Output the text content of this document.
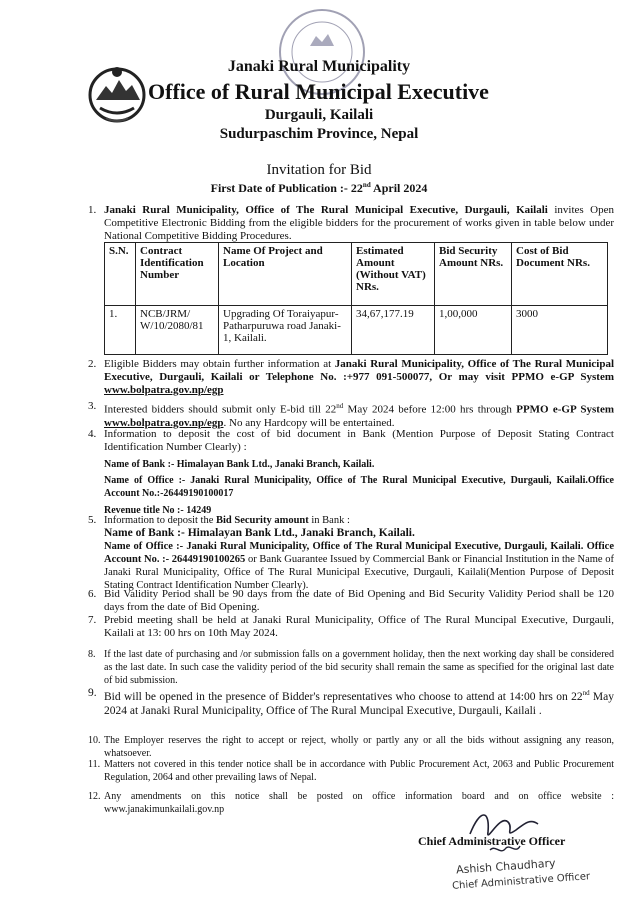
Janaki Rural Municipality
Office of Rural Municipal Executive
Durgauli, Kailali
Sudurpaschim Province, Nepal
Invitation for Bid
First Date of Publication :- 22nd April 2024
1. Janaki Rural Municipality, Office of The Rural Municipal Executive, Durgauli, Kailali invites Open Competitive Electronic Bidding from the eligible bidders for the procurement of works given in table below under National Competitive Bidding Procedures.
S.N.	Contract Identification Number	Name Of Project and Location	Estimated Amount (Without VAT) NRs.	Bid Security Amount NRs.	Cost of Bid Document NRs.
1.	NCB/JRM/ W/10/2080/81	Upgrading Of Toraiyapur-Patharpuruwa road Janaki-1, Kailali.	34,67,177.19	1,00,000	3000
2. Eligible Bidders may obtain further information at Janaki Rural Municipality, Office of The Rural Municipal Executive, Durgauli, Kailali or Telephone No. :+977 091-500077, Or may visit PPMO e-GP System www.bolpatra.gov.np/egp
3. Interested bidders should submit only E-bid till 22nd May 2024 before 12:00 hrs through PPMO e-GP System www.bolpatra.gov.np/egp. No any Hardcopy will be entertained.
4. Information to deposit the cost of bid document in Bank (Mention Purpose of Deposit Stating Contract Identification Number Clearly) :
Name of Bank :- Himalayan Bank Ltd., Janaki Branch, Kailali.
Name of Office :- Janaki Rural Municipality, Office of The Rural Municipal Executive, Durgauli, Kailali.Office Account No.:-26449190100017
Revenue title No :- 14249
5. Information to deposit the Bid Security amount in Bank :
Name of Bank :- Himalayan Bank Ltd., Janaki Branch, Kailali.
Name of Office :- Janaki Rural Municipality, Office of The Rural Municipal Executive, Durgauli, Kailali. Office Account No. :- 26449190100265 or Bank Guarantee Issued by Commercial Bank or Financial Institution in the Name of Janaki Rural Municipality, Office of The Rural Municipal Executive, Durgauli, Kailali(Mention Purpose of Deposit Stating Contract Identification Number Clearly).
6. Bid Validity Period shall be 90 days from the date of Bid Opening and Bid Security Validity Period shall be 120 days from the date of Bid Opening.
7. Prebid meeting shall be held at Janaki Rural Municipality, Office of The Rural Muncipal Executive, Durgauli, Kailali at 13: 00 hrs on 10th May 2024.
8. If the last date of purchasing and /or submission falls on a government holiday, then the next working day shall be considered as the last date. In such case the validity period of the bid security shall remain the same as specified for the original last date of bid submission.
9. Bid will be opened in the presence of Bidder's representatives who choose to attend at 14:00 hrs on 22nd May 2024 at Janaki Rural Municipality, Office of The Rural Muncipal Executive, Durgauli, Kailali .
10. The Employer reserves the right to accept or reject, wholly or partly any or all the bids without assigning any reason, whatsoever.
11. Matters not covered in this tender notice shall be in accordance with Public Procurement Act, 2063 and Public Procurement Regulation, 2064 and other prevailing laws of Nepal.
12. Any amendments on this notice shall be posted on office information board and on office website : www.janakimunkailali.gov.np
Chief Administrative Officer
Ashish Chaudhary
Chief Administrative Officer
